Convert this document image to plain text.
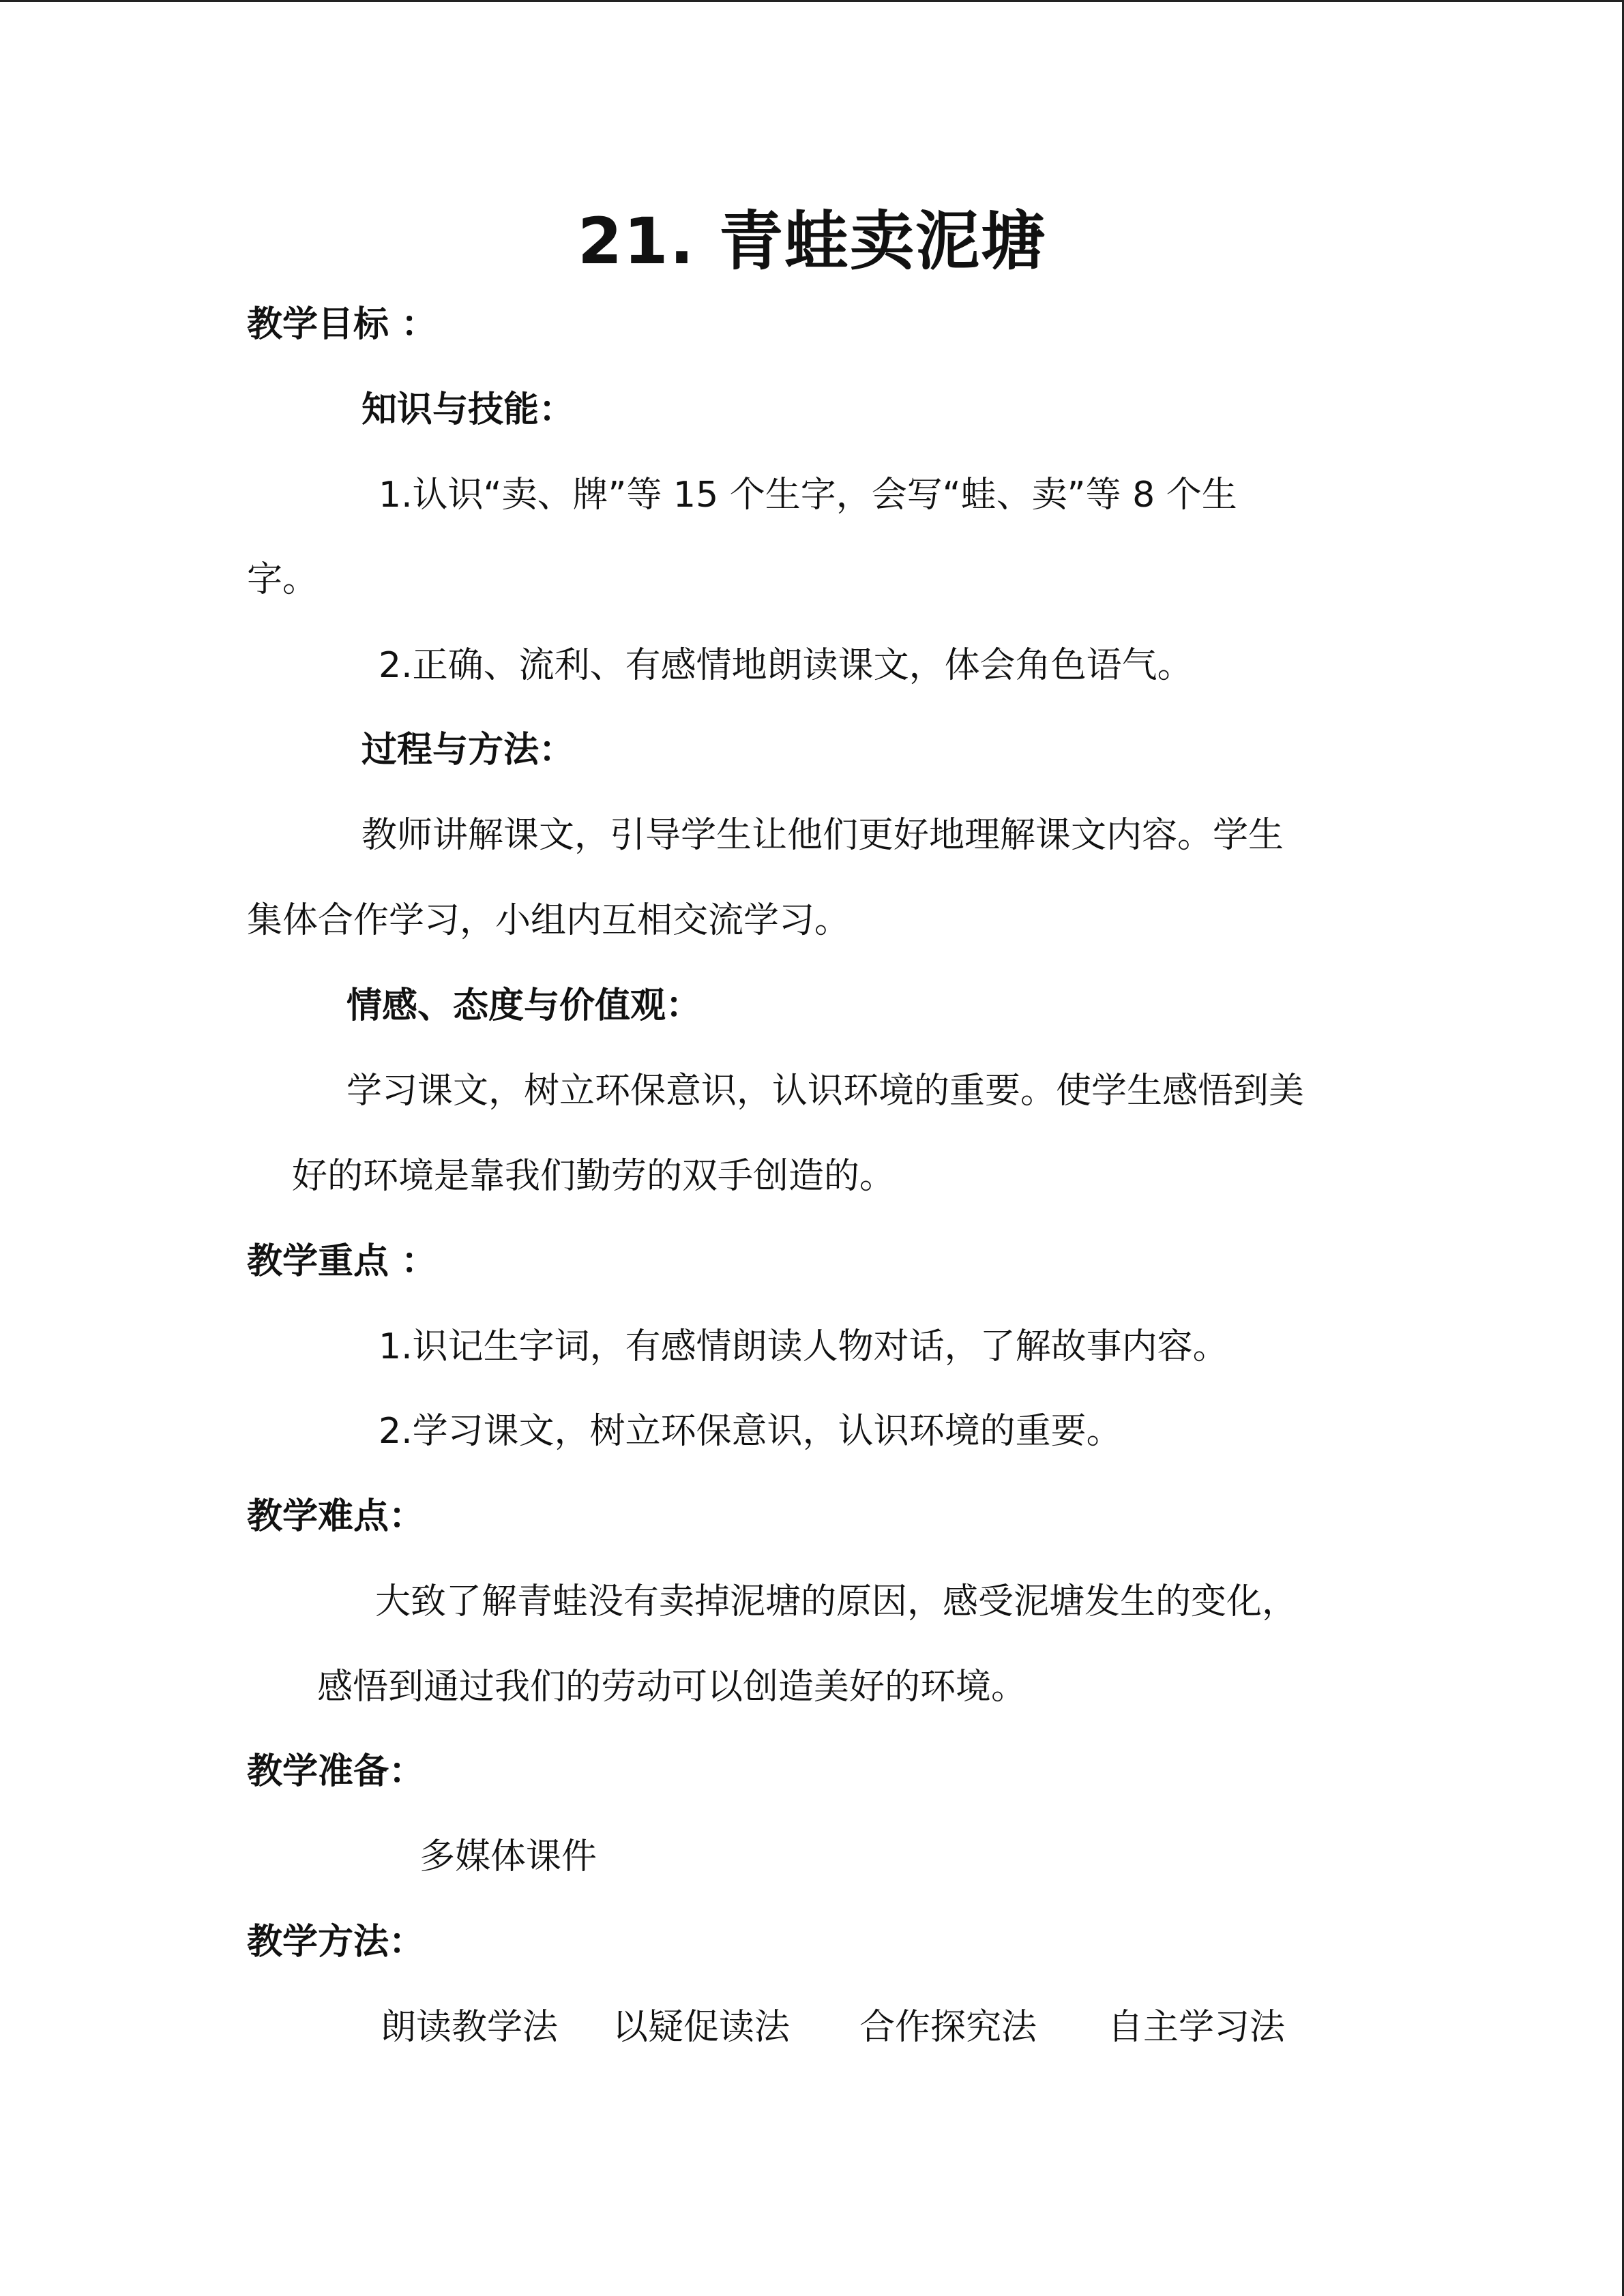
21. 青蛙卖泥塘
教学目标 ：
知识与技能：
1.认识“卖、牌”等 15 个生字，会写“蛙、卖”等 8 个生
字。
2.正确、流利、有感情地朗读课文，体会角色语气。
过程与方法：
教师讲解课文，引导学生让他们更好地理解课文内容。学生
集体合作学习，小组内互相交流学习。
情感、态度与价值观：
学习课文，树立环保意识，认识环境的重要。使学生感悟到美
好的环境是靠我们勤劳的双手创造的。
教学重点 ：
1.识记生字词，有感情朗读人物对话，了解故事内容。
2.学习课文，树立环保意识，认识环境的重要。
教学难点：
大致了解青蛙没有卖掉泥塘的原因，感受泥塘发生的变化，
感悟到通过我们的劳动可以创造美好的环境。
教学准备：
多媒体课件
教学方法：
朗读教学法 以疑促读法 合作探究法 自主学习法
